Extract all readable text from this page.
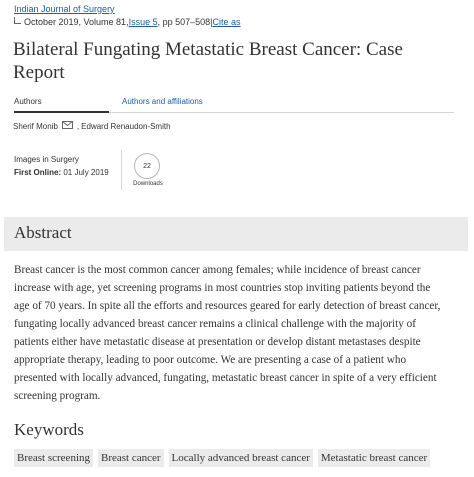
Indian Journal of Surgery
October 2019, Volume 81, Issue 5 , pp 507–508 | Cite as
Bilateral Fungating Metastatic Breast Cancer: Case Report
Authors	Authors and affiliations
Sherif Monib , Edward Renaudon-Smith
Images in Surgery
First Online: 01 July 2019
22
Downloads
Abstract

Breast cancer is the most common cancer among females; while incidence of breast cancer
increase with age, yet screening programs in most countries stop inviting patients beyond the
age of 70 years. In spite all the efforts and resources geared for early detection of breast cancer,
fungating locally advanced breast cancer remains a clinical challenge with the majority of
patients either have metastatic disease at presentation or develop distant metastases despite
appropriate therapy, leading to poor outcome. We are presenting a case of a patient who
presented with locally advanced, fungating, metastatic breast cancer in spite of a very efficient
screening program.

Keywords
Breast screening Breast cancer Locally advanced breast cancer Metastatic breast cancer
